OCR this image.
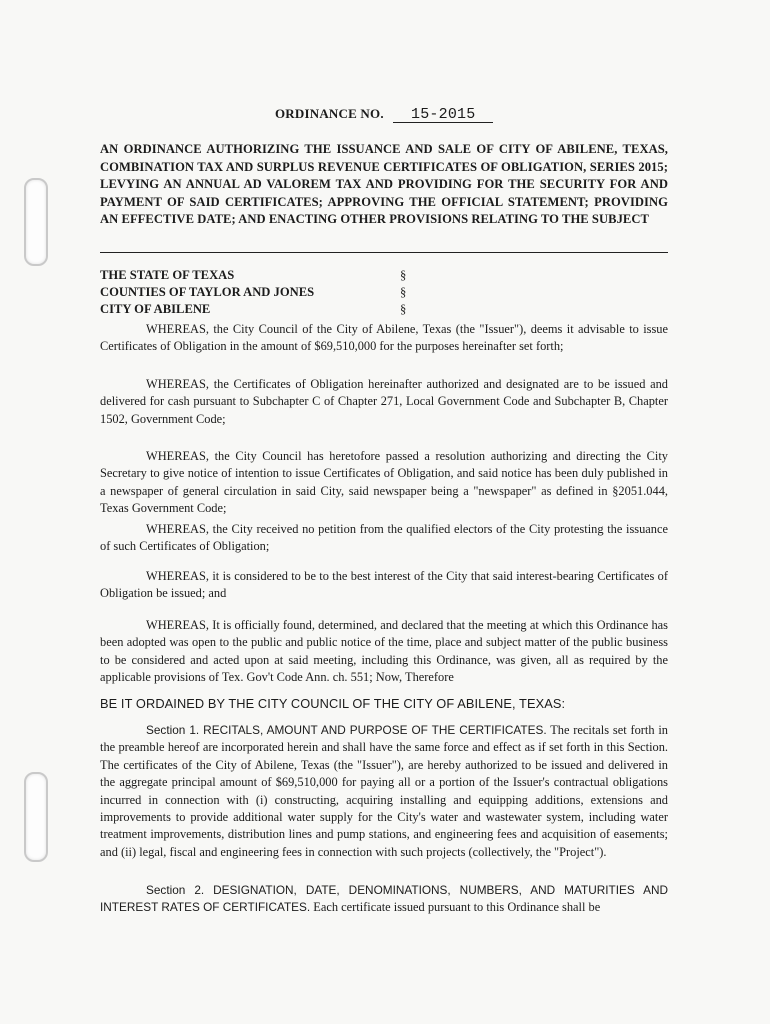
ORDINANCE NO. 15-2015
AN ORDINANCE AUTHORIZING THE ISSUANCE AND SALE OF CITY OF ABILENE, TEXAS, COMBINATION TAX AND SURPLUS REVENUE CERTIFICATES OF OBLIGATION, SERIES 2015; LEVYING AN ANNUAL AD VALOREM TAX AND PROVIDING FOR THE SECURITY FOR AND PAYMENT OF SAID CERTIFICATES; APPROVING THE OFFICIAL STATEMENT; PROVIDING AN EFFECTIVE DATE; AND ENACTING OTHER PROVISIONS RELATING TO THE SUBJECT
THE STATE OF TEXAS	§
COUNTIES OF TAYLOR AND JONES	§
CITY OF ABILENE	§

WHEREAS, the City Council of the City of Abilene, Texas (the "Issuer"), deems it advisable to issue Certificates of Obligation in the amount of $69,510,000 for the purposes hereinafter set forth;

WHEREAS, the Certificates of Obligation hereinafter authorized and designated are to be issued and delivered for cash pursuant to Subchapter C of Chapter 271, Local Government Code and Subchapter B, Chapter 1502, Government Code;

WHEREAS, the City Council has heretofore passed a resolution authorizing and directing the City Secretary to give notice of intention to issue Certificates of Obligation, and said notice has been duly published in a newspaper of general circulation in said City, said newspaper being a "newspaper" as defined in §2051.044, Texas Government Code;

WHEREAS, the City received no petition from the qualified electors of the City protesting the issuance of such Certificates of Obligation;

WHEREAS, it is considered to be to the best interest of the City that said interest-bearing Certificates of Obligation be issued; and

WHEREAS, It is officially found, determined, and declared that the meeting at which this Ordinance has been adopted was open to the public and public notice of the time, place and subject matter of the public business to be considered and acted upon at said meeting, including this Ordinance, was given, all as required by the applicable provisions of Tex. Gov't Code Ann. ch. 551; Now, Therefore

BE IT ORDAINED BY THE CITY COUNCIL OF THE CITY OF ABILENE, TEXAS:

Section 1. RECITALS, AMOUNT AND PURPOSE OF THE CERTIFICATES. The recitals set forth in the preamble hereof are incorporated herein and shall have the same force and effect as if set forth in this Section. The certificates of the City of Abilene, Texas (the "Issuer"), are hereby authorized to be issued and delivered in the aggregate principal amount of $69,510,000 for paying all or a portion of the Issuer's contractual obligations incurred in connection with (i) constructing, acquiring installing and equipping additions, extensions and improvements to provide additional water supply for the City's water and wastewater system, including water treatment improvements, distribution lines and pump stations, and engineering fees and acquisition of easements; and (ii) legal, fiscal and engineering fees in connection with such projects (collectively, the "Project").

Section 2. DESIGNATION, DATE, DENOMINATIONS, NUMBERS, AND MATURITIES AND INTEREST RATES OF CERTIFICATES. Each certificate issued pursuant to this Ordinance shall be
